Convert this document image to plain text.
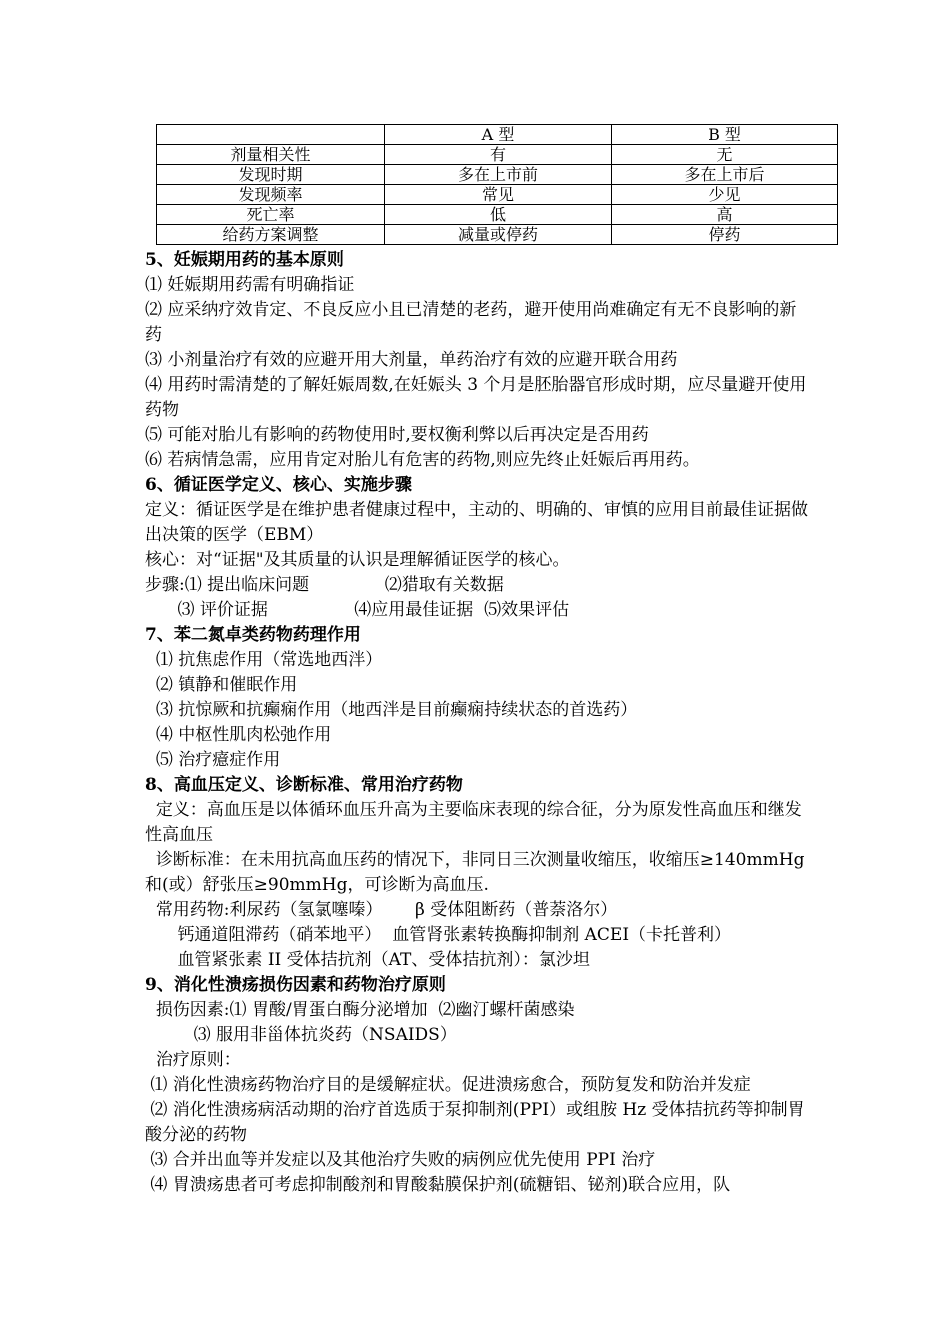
	A 型	B 型
剂量相关性	有	无
发现时期	多在上市前	多在上市后
发现频率	常见	少见
死亡率	低	高
给药方案调整	减量或停药	停药
5、妊娠期用药的基本原则
⑴ 妊娠期用药需有明确指证
⑵ 应采纳疗效肯定、不良反应小且已清楚的老药，避开使用尚难确定有无不良影响的新药
⑶ 小剂量治疗有效的应避开用大剂量，单药治疗有效的应避开联合用药
⑷ 用药时需清楚的了解妊娠周数,在妊娠头 3 个月是胚胎器官形成时期，应尽量避开使用药物
⑸ 可能对胎儿有影响的药物使用时,要权衡利弊以后再决定是否用药
⑹ 若病情急需，应用肯定对胎儿有危害的药物,则应先终止妊娠后再用药。
6、循证医学定义、核心、实施步骤
定义：循证医学是在维护患者健康过程中，主动的、明确的、审慎的应用目前最佳证据做出决策的医学（EBM）
核心：对“证据"及其质量的认识是理解循证医学的核心。
步骤:⑴ 提出临床问题              ⑵猎取有关数据
⑶ 评价证据                ⑷应用最佳证据  ⑸效果评估
7、苯二氮卓类药物药理作用
⑴ 抗焦虑作用（常选地西泮）
⑵ 镇静和催眠作用
⑶ 抗惊厥和抗癫痫作用（地西泮是目前癫痫持续状态的首选药）
⑷ 中枢性肌肉松弛作用
⑸ 治疗癔症作用
8、高血压定义、诊断标准、常用治疗药物
定义：高血压是以体循环血压升高为主要临床表现的综合征，分为原发性高血压和继发性高血压
诊断标准：在未用抗高血压药的情况下，非同日三次测量收缩压，收缩压≥140mmHg 和(或）舒张压≥90mmHg，可诊断为高血压.
常用药物:利尿药（氢氯噻嗪）      β 受体阻断药（普萘洛尔）
钙通道阻滞药（硝苯地平）  血管肾张素转换酶抑制剂 ACEI（卡托普利）
血管紧张素 II 受体拮抗剂（AT、受体拮抗剂）：氯沙坦
9、消化性溃疡损伤因素和药物治疗原则
损伤因素:⑴ 胃酸/胃蛋白酶分泌增加  ⑵幽汀螺杆菌感染
⑶ 服用非甾体抗炎药（NSAIDS）
治疗原则：
⑴ 消化性溃疡药物治疗目的是缓解症状。促进溃疡愈合，预防复发和防治并发症
⑵ 消化性溃疡病活动期的治疗首选质于泵抑制剂(PPI）或组胺 Hz 受体拮抗药等抑制胃酸分泌的药物
⑶ 合并出血等并发症以及其他治疗失败的病例应优先使用 PPI 治疗
⑷ 胃溃疡患者可考虑抑制酸剂和胃酸黏膜保护剂(硫糖铝、铋剂)联合应用，队
